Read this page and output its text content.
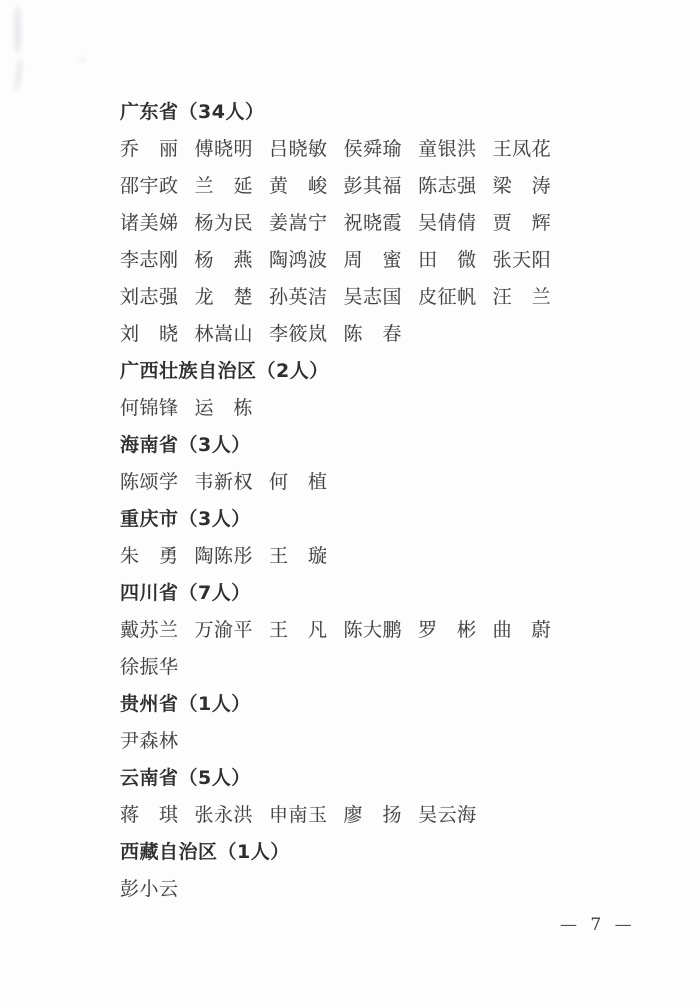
广东省（34人）
乔　丽 傅晓明 吕晓敏 侯舜瑜 童银洪 王凤花
邵宇政 兰　延 黄　峻 彭其福 陈志强 梁　涛
诸美娣 杨为民 姜嵩宁 祝晓霞 吴倩倩 贾　辉
李志刚 杨　燕 陶鸿波 周　蜜 田　微 张天阳
刘志强 龙　楚 孙英洁 吴志国 皮征帆 汪　兰
刘　晓 林嵩山 李筱岚 陈　春
广西壮族自治区（2人）
何锦锋 运　栋
海南省（3人）
陈颂学 韦新权 何　植
重庆市（3人）
朱　勇 陶陈彤 王　璇
四川省（7人）
戴苏兰 万渝平 王　凡 陈大鹏 罗　彬 曲　蔚
徐振华
贵州省（1人）
尹森林
云南省（5人）
蒋　琪 张永洪 申南玉 廖　扬 吴云海
西藏自治区（1人）
彭小云
— 7 —
